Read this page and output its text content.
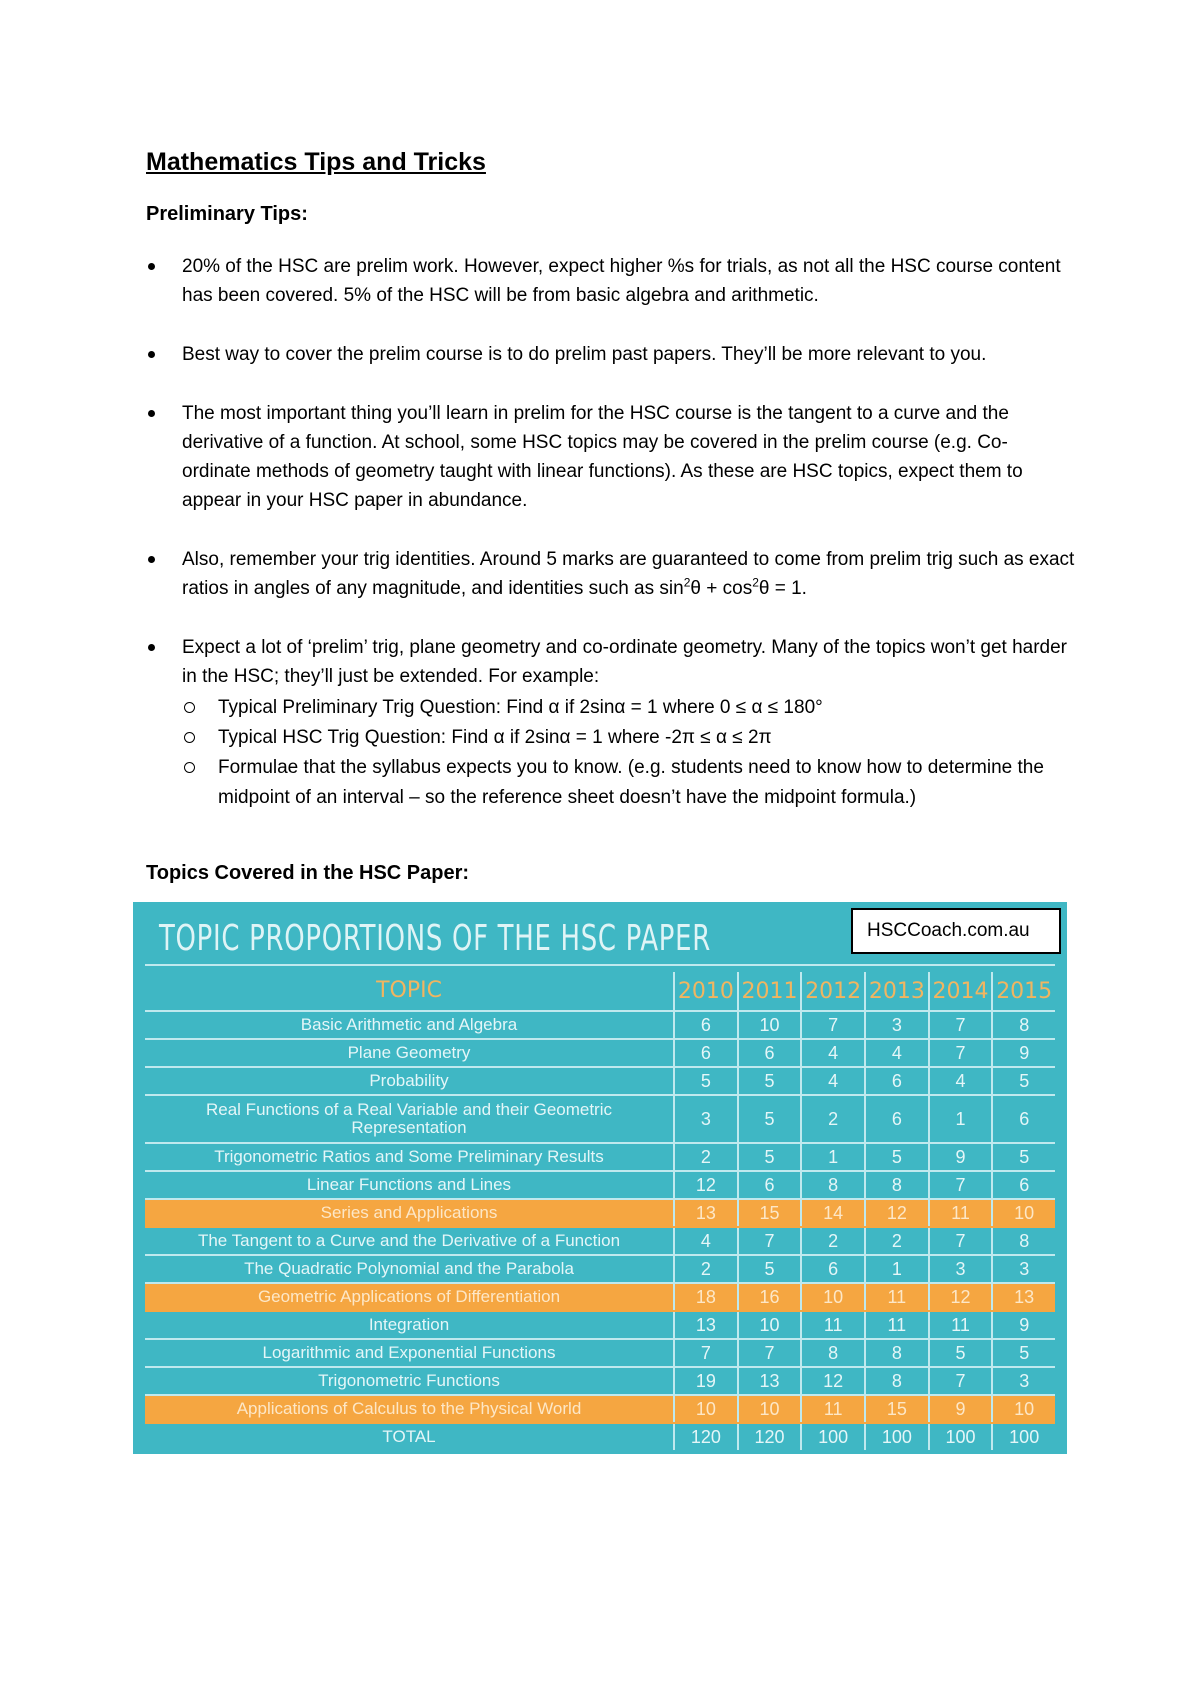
Mathematics Tips and Tricks
Preliminary Tips:
20% of the HSC are prelim work. However, expect higher %s for trials, as not all the HSC course content has been covered. 5% of the HSC will be from basic algebra and arithmetic.
Best way to cover the prelim course is to do prelim past papers. They’ll be more relevant to you.
The most important thing you’ll learn in prelim for the HSC course is the tangent to a curve and the derivative of a function. At school, some HSC topics may be covered in the prelim course (e.g. Co-ordinate methods of geometry taught with linear functions). As these are HSC topics, expect them to appear in your HSC paper in abundance.
Also, remember your trig identities. Around 5 marks are guaranteed to come from prelim trig such as exact ratios in angles of any magnitude, and identities such as $\sin^2\theta + \cos^2\theta = 1$.
Expect a lot of ‘prelim’ trig, plane geometry and co-ordinate geometry. Many of the topics won’t get harder in the HSC; they’ll just be extended. For example:
Typical Preliminary Trig Question: Find α if 2sinα = 1 where 0 ≤ α ≤ 180°
Typical HSC Trig Question: Find α if 2sinα = 1 where -2π ≤ α ≤ 2π
Formulae that the syllabus expects you to know. (e.g. students need to know how to determine the midpoint of an interval – so the reference sheet doesn’t have the midpoint formula.)
Topics Covered in the HSC Paper:
TOPIC PROPORTIONS OF THE HSC PAPER	HSCCoach.com.au
TOPIC	2010 2011 2012 2013 2014 2015
Basic Arithmetic and Algebra	6	10	7	3	7	8
Plane Geometry	6	6	4	4	7	9
Probability	5	5	4	6	4	5
Real Functions of a Real Variable and their Geometric Representation	3	5	2	6	1	6
Trigonometric Ratios and Some Preliminary Results	2	5	1	5	9	5
Linear Functions and Lines	12	6	8	8	7	6
Series and Applications	13	15	14	12	11	10
The Tangent to a Curve and the Derivative of a Function	4	7	2	2	7	8
The Quadratic Polynomial and the Parabola	2	5	6	1	3	3
Geometric Applications of Differentiation	18	16	10	11	12	13
Integration	13	10	11	11	11	9
Logarithmic and Exponential Functions	7	7	8	8	5	5
Trigonometric Functions	19	13	12	8	7	3
Applications of Calculus to the Physical World	10	10	11	15	9	10
TOTAL	120	120	100	100	100	100
